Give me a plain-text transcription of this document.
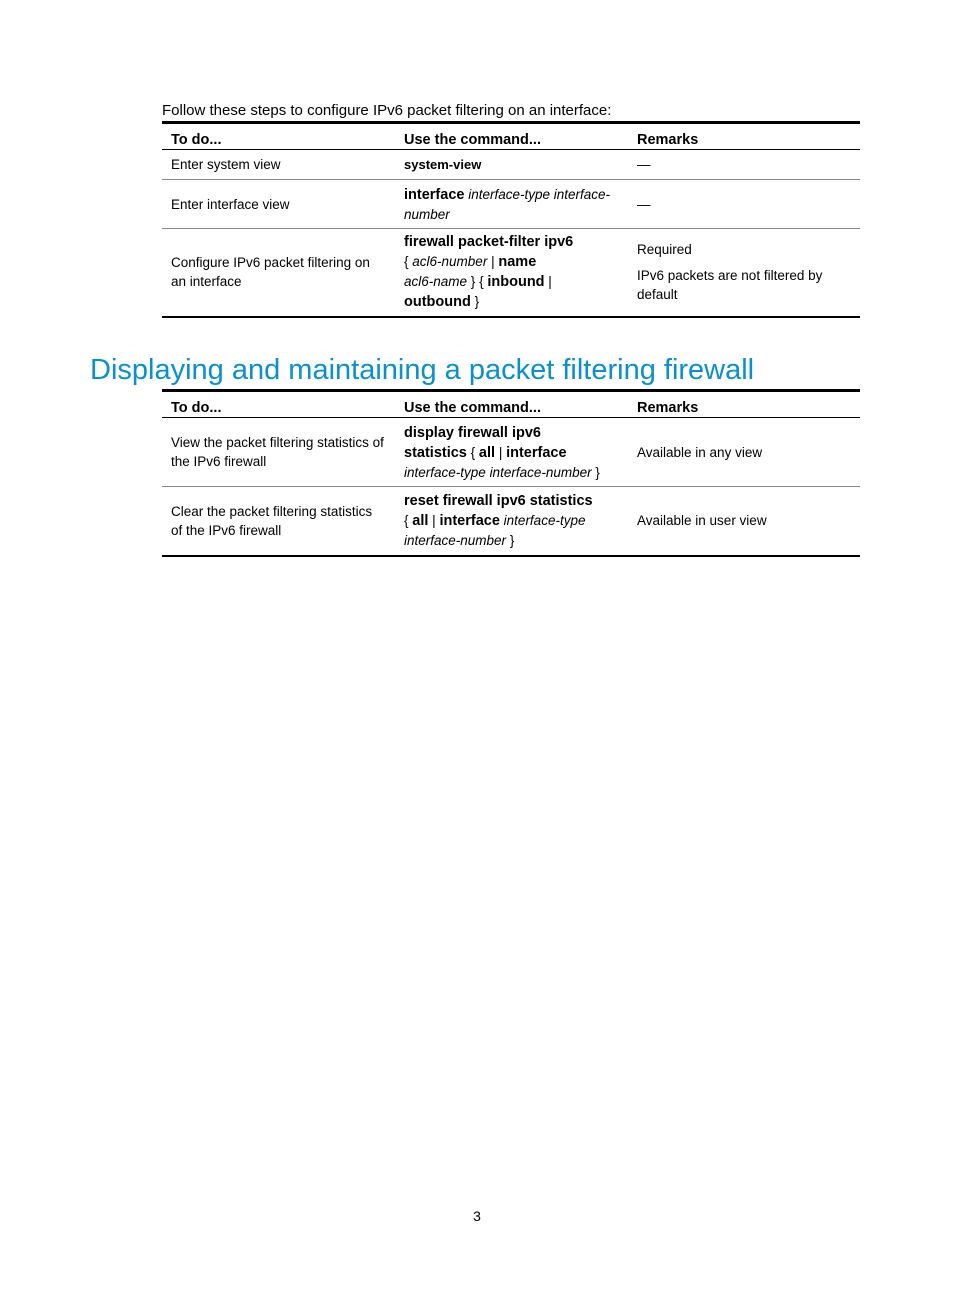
Follow these steps to configure IPv6 packet filtering on an interface:

To do...	Use the command...	Remarks
Enter system view	system-view	—
Enter interface view	interface interface-type interface-number	—
Configure IPv6 packet filtering on an interface	firewall packet-filter ipv6
{ acl6-number | name
acl6-name } { inbound |
outbound }	Required
IPv6 packets are not filtered by default
Displaying and maintaining a packet filtering firewall
To do...	Use the command...	Remarks
View the packet filtering statistics of the IPv6 firewall	display firewall ipv6
statistics { all | interface
interface-type interface-number }	Available in any view
Clear the packet filtering statistics of the IPv6 firewall	reset firewall ipv6 statistics
{ all | interface interface-type
interface-number }	Available in user view
3
